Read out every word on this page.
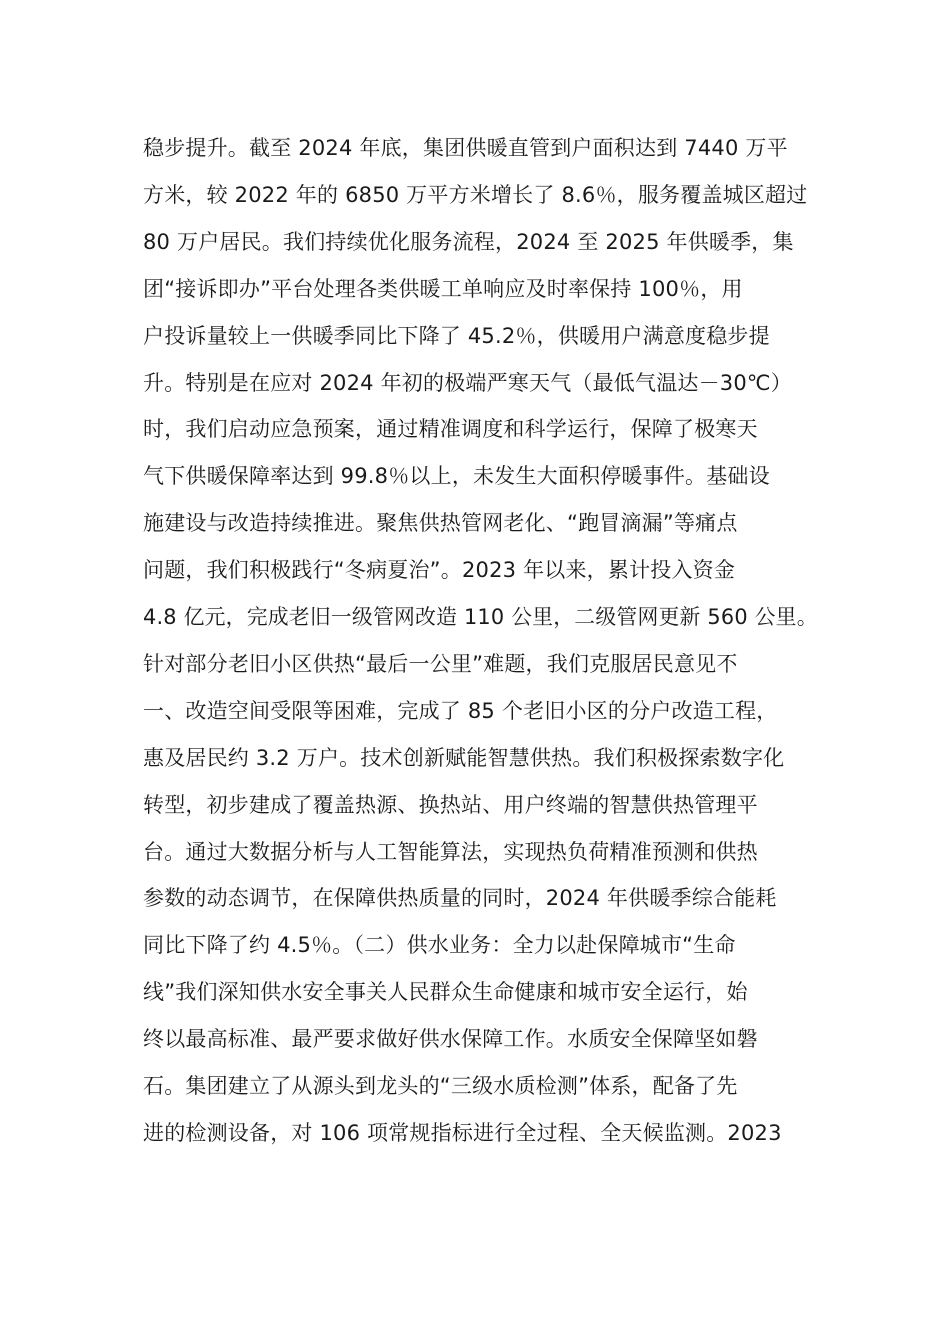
稳步提升。截至 2024 年底，集团供暖直管到户面积达到 7440 万平
方米，较 2022 年的 6850 万平方米增长了 8.6％，服务覆盖城区超过
80 万户居民。我们持续优化服务流程，2024 至 2025 年供暖季，集
团“接诉即办”平台处理各类供暖工单响应及时率保持 100％，用
户投诉量较上一供暖季同比下降了 45.2％，供暖用户满意度稳步提
升。特别是在应对 2024 年初的极端严寒天气（最低气温达－30℃）
时，我们启动应急预案，通过精准调度和科学运行，保障了极寒天
气下供暖保障率达到 99.8％以上，未发生大面积停暖事件。基础设
施建设与改造持续推进。聚焦供热管网老化、“跑冒滴漏”等痛点
问题，我们积极践行“冬病夏治”。2023 年以来，累计投入资金
4.8 亿元，完成老旧一级管网改造 110 公里，二级管网更新 560 公里。
针对部分老旧小区供热“最后一公里”难题，我们克服居民意见不
一、改造空间受限等困难，完成了 85 个老旧小区的分户改造工程，
惠及居民约 3.2 万户。技术创新赋能智慧供热。我们积极探索数字化
转型，初步建成了覆盖热源、换热站、用户终端的智慧供热管理平
台。通过大数据分析与人工智能算法，实现热负荷精准预测和供热
参数的动态调节，在保障供热质量的同时，2024 年供暖季综合能耗
同比下降了约 4.5％。（二）供水业务：全力以赴保障城市“生命
线”我们深知供水安全事关人民群众生命健康和城市安全运行，始
终以最高标准、最严要求做好供水保障工作。水质安全保障坚如磐
石。集团建立了从源头到龙头的“三级水质检测”体系，配备了先
进的检测设备，对 106 项常规指标进行全过程、全天候监测。2023
